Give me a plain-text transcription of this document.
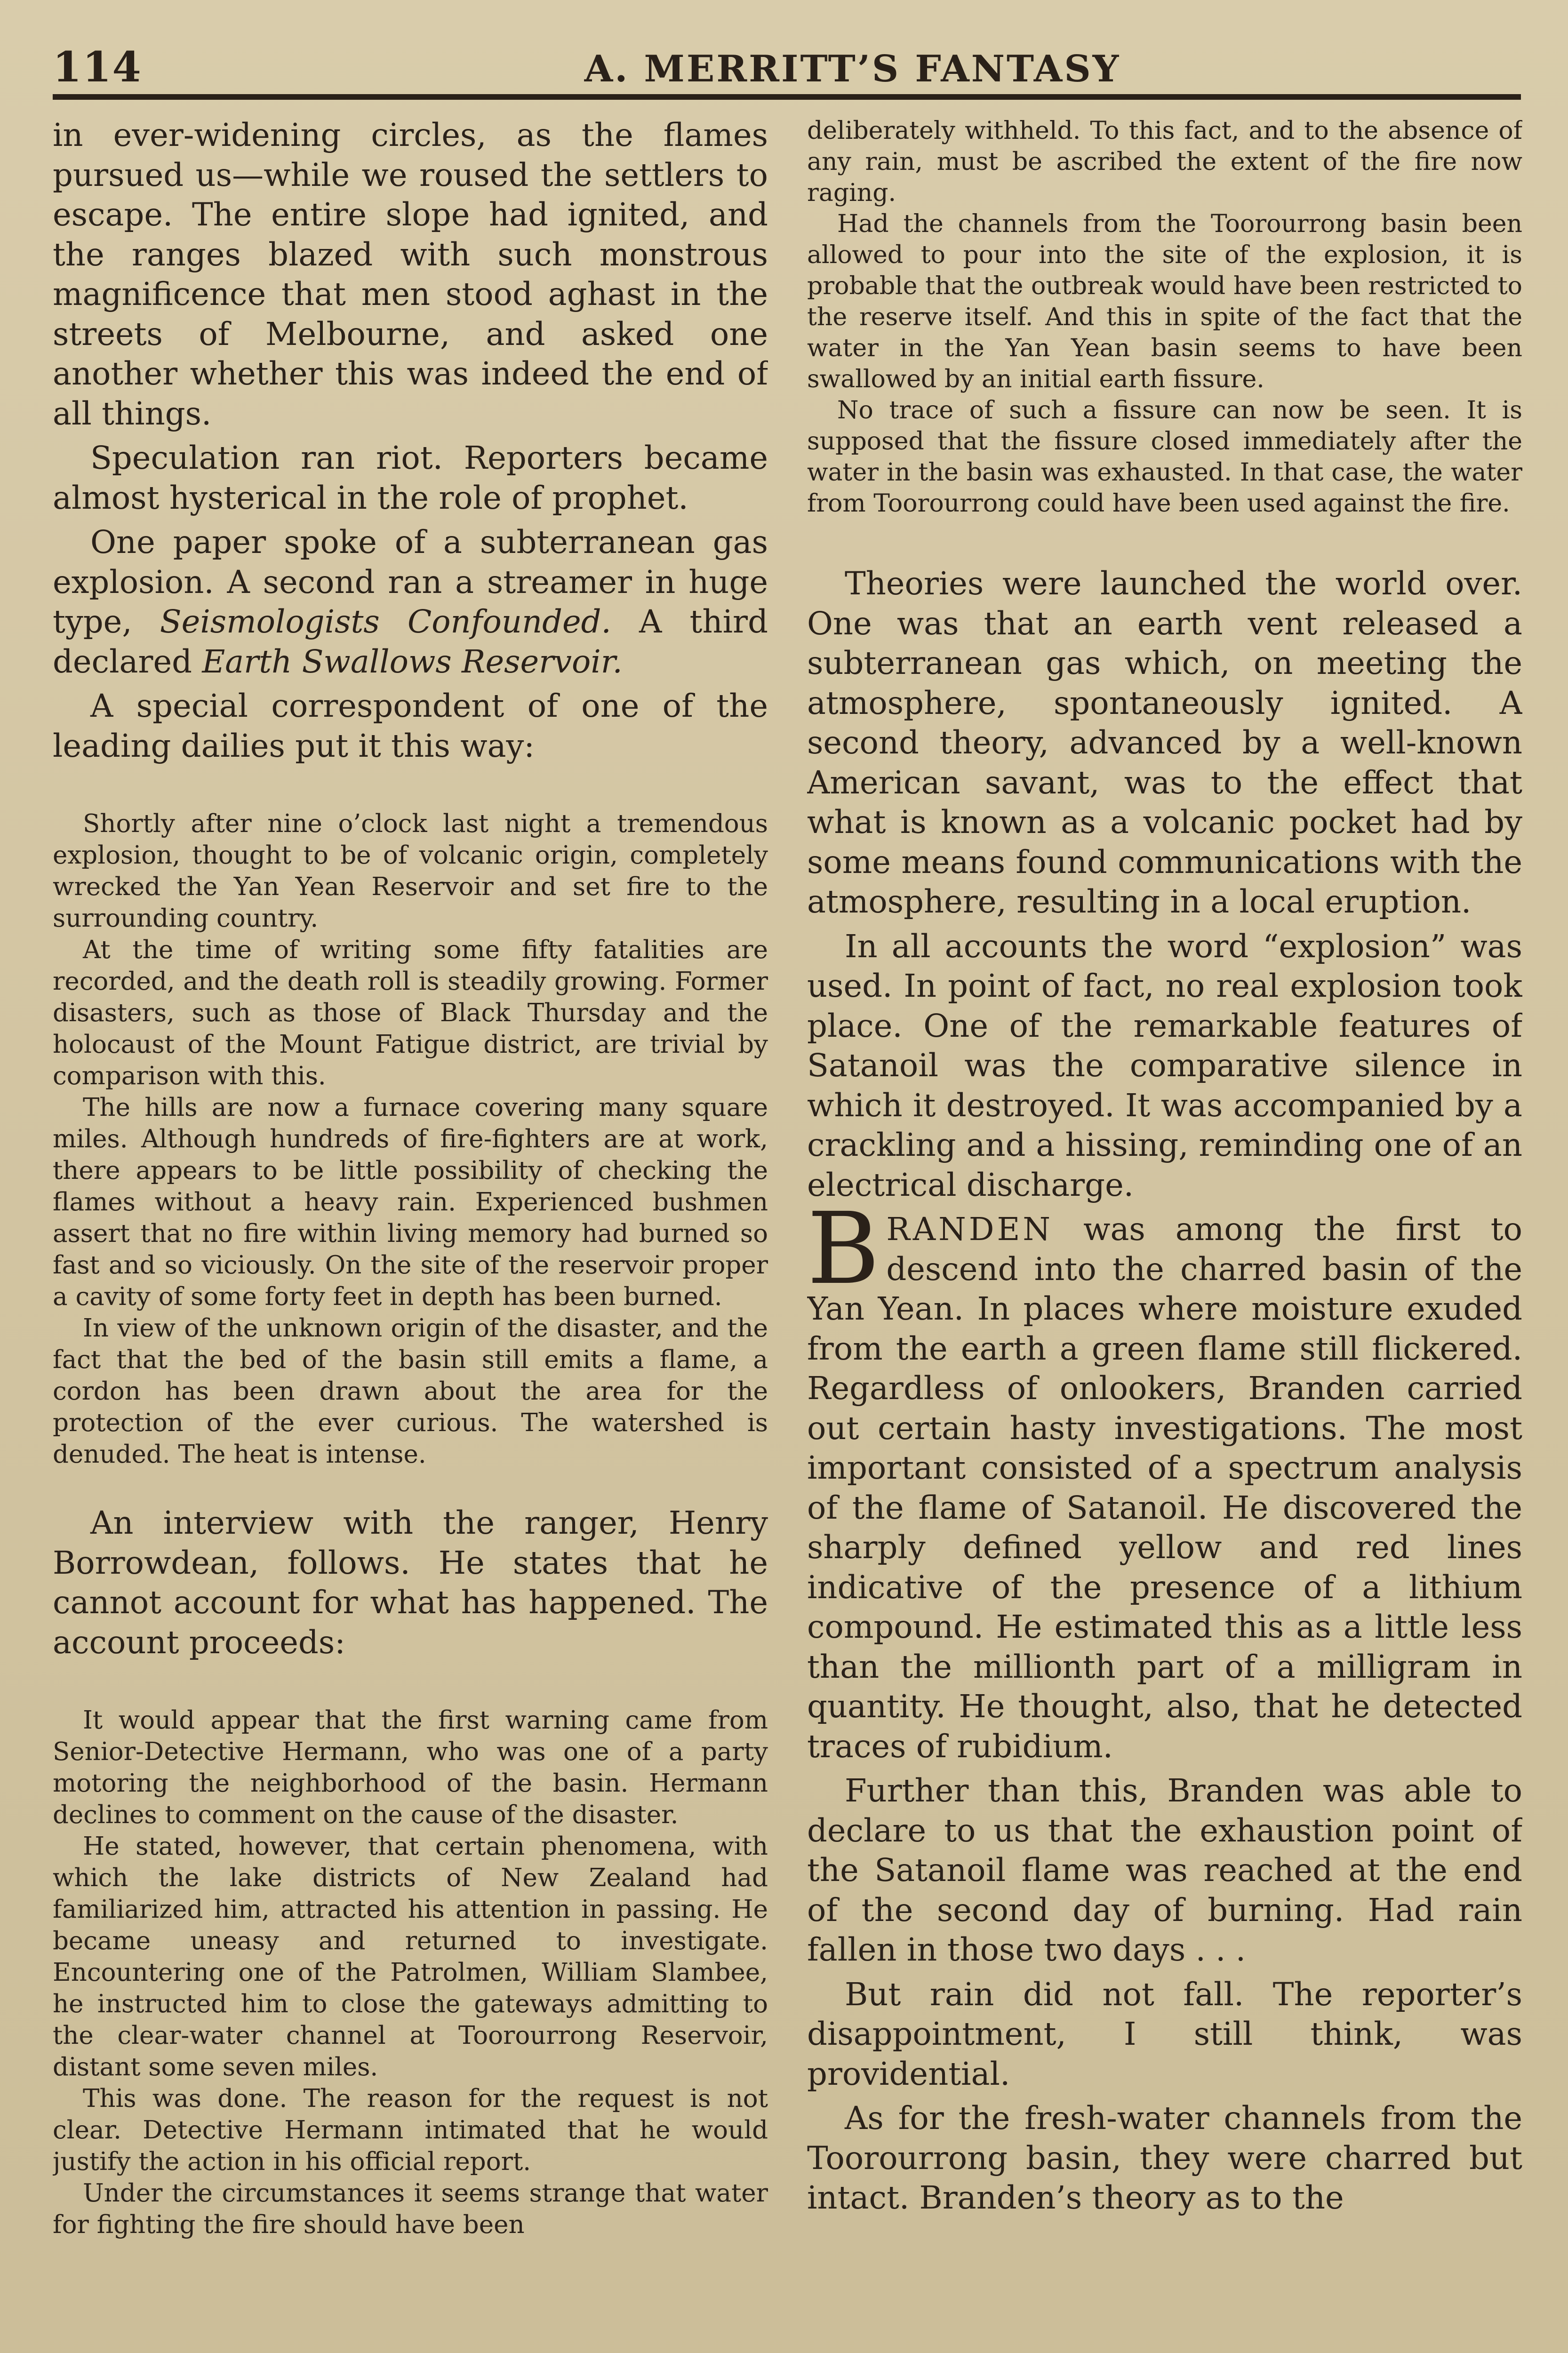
114	A. MERRITT’S FANTASY

in ever-widening circles, as the flames pursued us—while we roused the settlers to escape. The entire slope had ignited, and the ranges blazed with such monstrous magnificence that men stood aghast in the streets of Melbourne, and asked one another whether this was indeed the end of all things.

Speculation ran riot. Reporters became almost hysterical in the role of prophet.

One paper spoke of a subterranean gas explosion. A second ran a streamer in huge type, Seismologists Confounded. A third declared Earth Swallows Reservoir.

A special correspondent of one of the leading dailies put it this way:

Shortly after nine o’clock last night a tremendous explosion, thought to be of volcanic origin, completely wrecked the Yan Yean Reservoir and set fire to the surrounding country.

At the time of writing some fifty fatalities are recorded, and the death roll is steadily growing. Former disasters, such as those of Black Thursday and the holocaust of the Mount Fatigue district, are trivial by comparison with this.

The hills are now a furnace covering many square miles. Although hundreds of fire-fighters are at work, there appears to be little possibility of checking the flames without a heavy rain. Experienced bushmen assert that no fire within living memory had burned so fast and so viciously. On the site of the reservoir proper a cavity of some forty feet in depth has been burned.

In view of the unknown origin of the disaster, and the fact that the bed of the basin still emits a flame, a cordon has been drawn about the area for the protection of the ever curious. The watershed is denuded. The heat is intense.

An interview with the ranger, Henry Borrowdean, follows. He states that he cannot account for what has happened. The account proceeds:

It would appear that the first warning came from Senior-Detective Hermann, who was one of a party motoring the neighborhood of the basin. Hermann declines to comment on the cause of the disaster.

He stated, however, that certain phenomena, with which the lake districts of New Zealand had familiarized him, attracted his attention in passing. He became uneasy and returned to investigate. Encountering one of the Patrolmen, William Slambee, he instructed him to close the gateways admitting to the clear-water channel at Toorourrong Reservoir, distant some seven miles.

This was done. The reason for the request is not clear. Detective Hermann intimated that he would justify the action in his official report.

Under the circumstances it seems strange that water for fighting the fire should have been

deliberately withheld. To this fact, and to the absence of any rain, must be ascribed the extent of the fire now raging.

Had the channels from the Toorourrong basin been allowed to pour into the site of the explosion, it is probable that the outbreak would have been restricted to the reserve itself. And this in spite of the fact that the water in the Yan Yean basin seems to have been swallowed by an initial earth fissure.

No trace of such a fissure can now be seen. It is supposed that the fissure closed immediately after the water in the basin was exhausted. In that case, the water from Toorourrong could have been used against the fire.

Theories were launched the world over. One was that an earth vent released a subterranean gas which, on meeting the atmosphere, spontaneously ignited. A second theory, advanced by a well-known American savant, was to the effect that what is known as a volcanic pocket had by some means found communications with the atmosphere, resulting in a local eruption.

In all accounts the word “explosion” was used. In point of fact, no real explosion took place. One of the remarkable features of Satanoil was the comparative silence in which it destroyed. It was accompanied by a crackling and a hissing, reminding one of an electrical discharge.

BRANDEN was among the first to descend into the charred basin of the Yan Yean. In places where moisture exuded from the earth a green flame still flickered. Regardless of onlookers, Branden carried out certain hasty investigations. The most important consisted of a spectrum analysis of the flame of Satanoil. He discovered the sharply defined yellow and red lines indicative of the presence of a lithium compound. He estimated this as a little less than the millionth part of a milligram in quantity. He thought, also, that he detected traces of rubidium.

Further than this, Branden was able to declare to us that the exhaustion point of the Satanoil flame was reached at the end of the second day of burning. Had rain fallen in those two days . . .

But rain did not fall. The reporter’s disappointment, I still think, was providential.

As for the fresh-water channels from the Toorourrong basin, they were charred but intact. Branden’s theory as to the
